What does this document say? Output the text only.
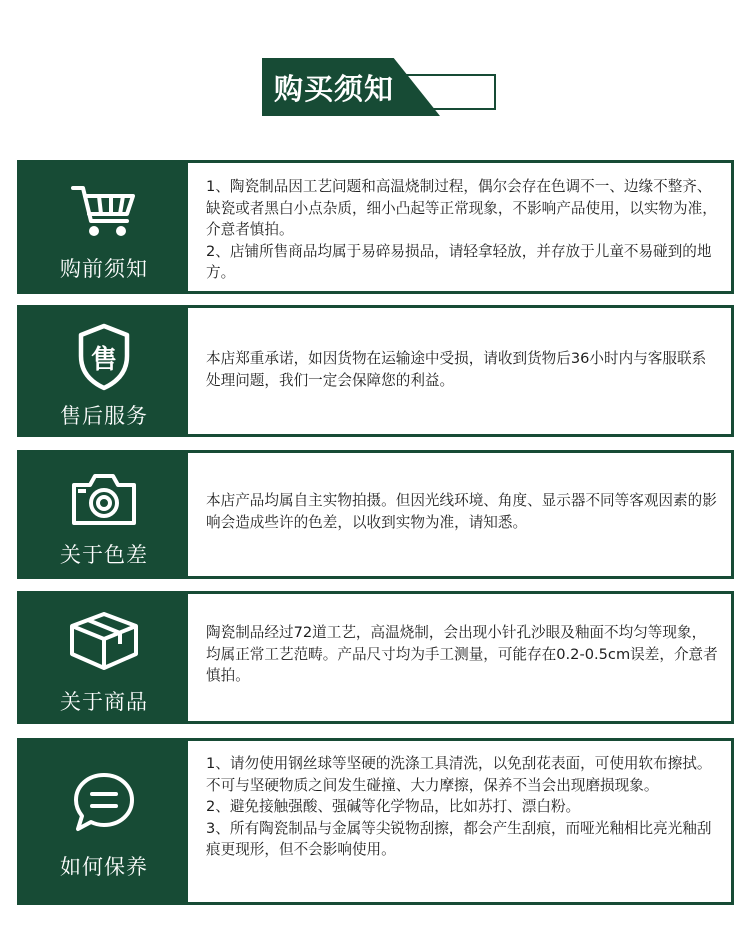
购买须知
购前须知

1、陶瓷制品因工艺问题和高温烧制过程，偶尔会存在色调不一、边缘不整齐、缺瓷或者黑白小点杂质，细小凸起等正常现象，不影响产品使用，以实物为准，介意者慎拍。

2、店铺所售商品均属于易碎易损品，请轻拿轻放，并存放于儿童不易碰到的地方。

售
售后服务

本店郑重承诺，如因货物在运输途中受损，请收到货物后36小时内与客服联系处理问题，我们一定会保障您的利益。

关于色差

本店产品均属自主实物拍摄。但因光线环境、角度、显示器不同等客观因素的影响会造成些许的色差，以收到实物为准，请知悉。

关于商品

陶瓷制品经过72道工艺，高温烧制，会出现小针孔沙眼及釉面不均匀等现象，均属正常工艺范畴。产品尺寸均为手工测量，可能存在0.2-0.5cm误差，介意者慎拍。

如何保养

1、请勿使用钢丝球等坚硬的洗涤工具清洗，以免刮花表面，可使用软布擦拭。不可与坚硬物质之间发生碰撞、大力摩擦，保养不当会出现磨损现象。

2、避免接触强酸、强碱等化学物品，比如苏打、漂白粉。

3、所有陶瓷制品与金属等尖锐物刮擦，都会产生刮痕，而哑光釉相比亮光釉刮痕更现形，但不会影响使用。
